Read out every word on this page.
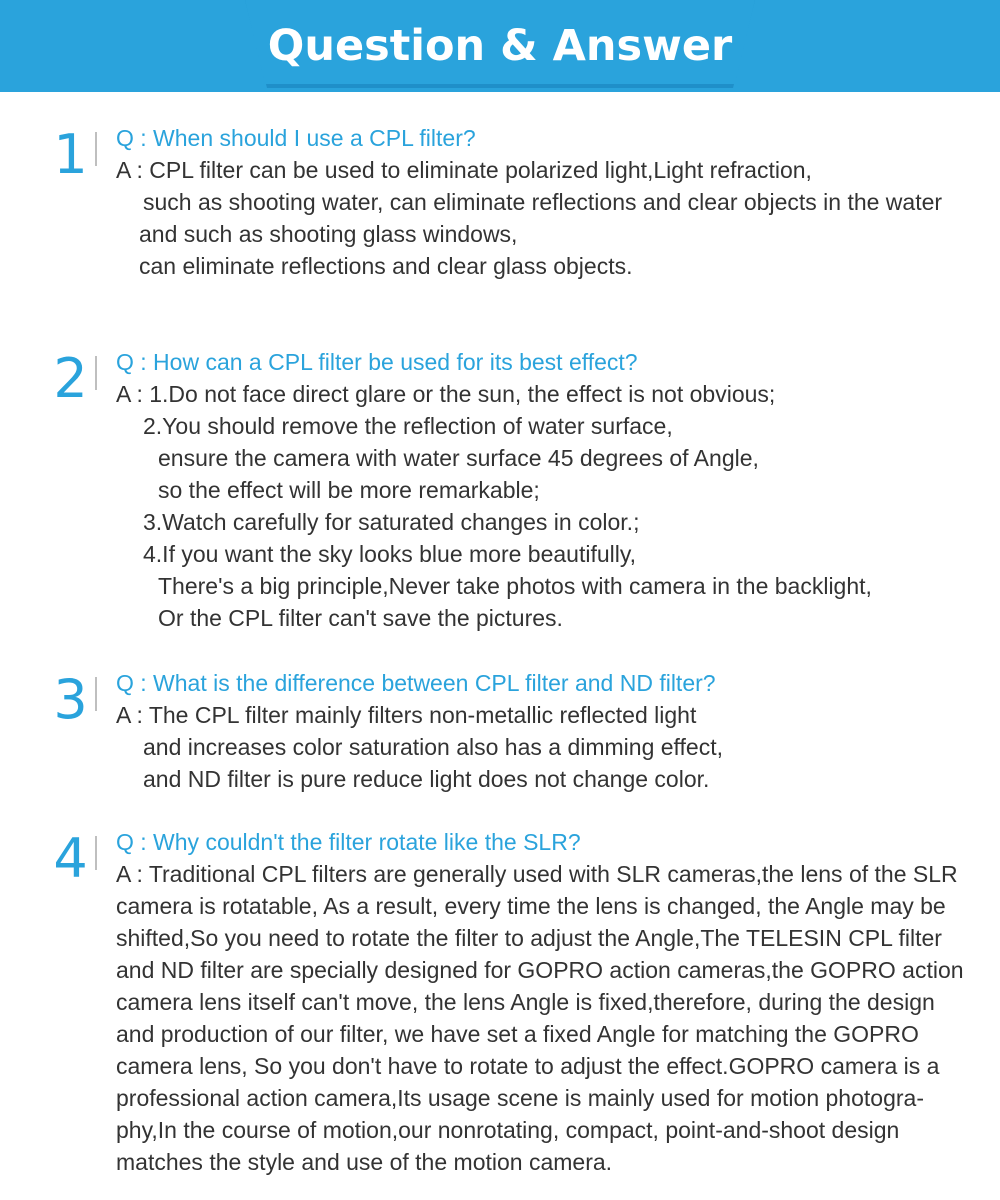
Question & Answer
1 Q : When should I use a CPL filter?
A : CPL filter can be used to eliminate polarized light,Light refraction,
such as shooting water, can eliminate reflections and clear objects in the water
and such as shooting glass windows,
can eliminate reflections and clear glass objects.
2 Q : How can a CPL filter be used for its best effect?
A : 1.Do not face direct glare or the sun, the effect is not obvious;
2.You should remove the reflection of water surface,
ensure the camera with water surface 45 degrees of Angle,
so the effect will be more remarkable;
3.Watch carefully for saturated changes in color.;
4.If you want the sky looks blue more beautifully,
There's a big principle,Never take photos with camera in the backlight,
Or the CPL filter can't save the pictures.
3 Q : What is the difference between CPL filter and ND filter?
A : The CPL filter mainly filters non-metallic reflected light
and increases color saturation also has a dimming effect,
and ND filter is pure reduce light does not change color.
4 Q : Why couldn't the filter rotate like the SLR?
A : Traditional CPL filters are generally used with SLR cameras,the lens of the SLR
camera is rotatable, As a result, every time the lens is changed, the Angle may be
shifted,So you need to rotate the filter to adjust the Angle,The TELESIN CPL filter
and ND filter are specially designed for GOPRO action cameras,the GOPRO action
camera lens itself can't move, the lens Angle is fixed,therefore, during the design
and production of our filter, we have set a fixed Angle for matching the GOPRO
camera lens, So you don't have to rotate to adjust the effect.GOPRO camera is a
professional action camera,Its usage scene is mainly used for motion photogra-
phy,In the course of motion,our nonrotating, compact, point-and-shoot design
matches the style and use of the motion camera.
